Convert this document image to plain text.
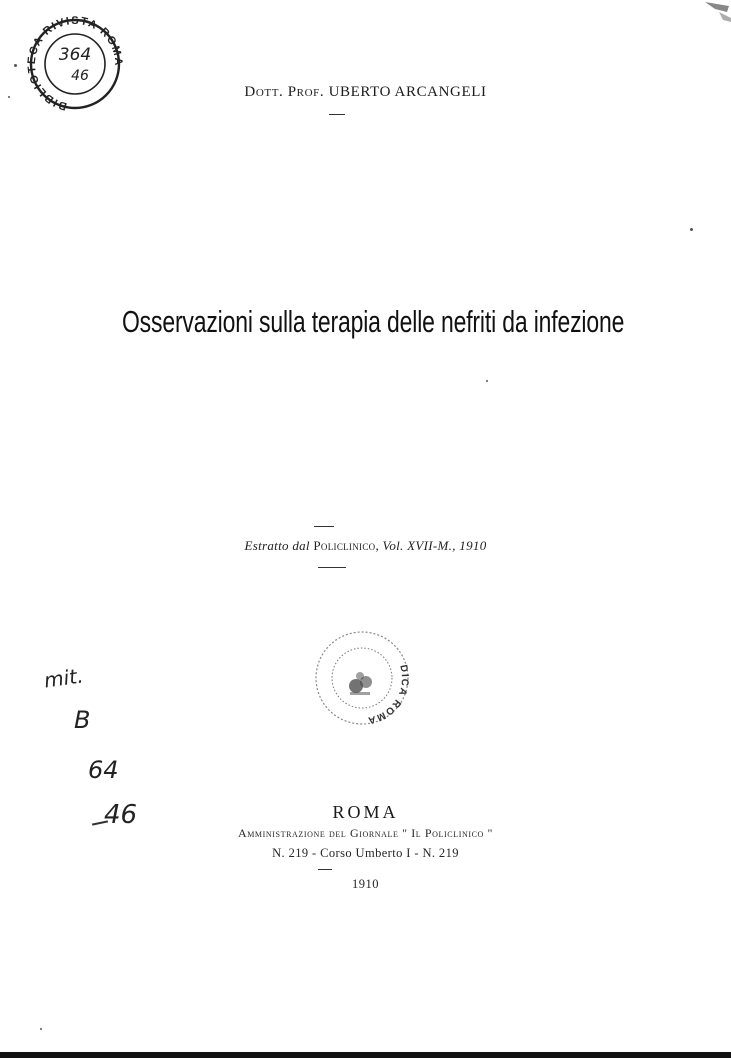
BIBLIOTECA RIVISTA ROMA
364
46
Dott. Prof. UBERTO ARCANGELI
Osservazioni sulla terapia delle nefriti da infezione
Estratto dal Policlinico, Vol. XVII-M., 1910
DICA ROMA
mit.
B
64
46	ROMA
Amministrazione del Giornale " Il Policlinico "
N. 219 - Corso Umberto I - N. 219
1910
